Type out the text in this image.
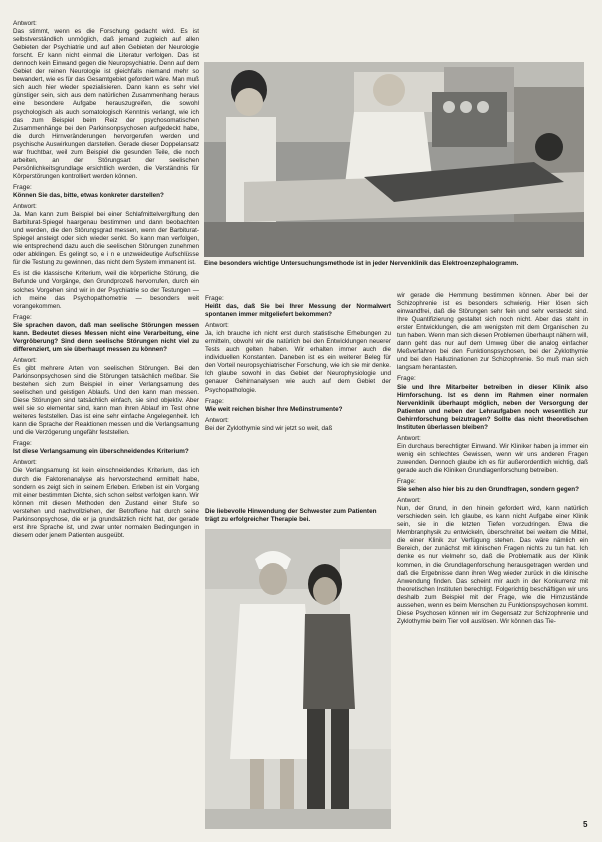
Antwort:

Das stimmt, wenn es die Forschung gedacht wird. Es ist selbstverständlich unmöglich, daß jemand zugleich auf allen Gebieten der Psychiatrie und auf allen Gebieten der Neurologie forscht. Er kann nicht einmal die Literatur verfolgen. Das ist dennoch kein Einwand gegen die Neuropsychiatrie. Denn auf dem Gebiet der reinen Neurologie ist gleichfalls niemand mehr so bewandert, wie es für das Gesamtgebiet gefordert wäre. Man muß sich auch hier wieder spezialisieren. Dann kann es sehr viel günstiger sein, sich aus dem natürlichen Zusammenhang heraus eine besondere Aufgabe herauszugreifen, die sowohl psychologisch als auch somatologisch Kenntnis verlangt, wie ich das zum Beispiel beim Reiz der psychosomatischen Zusammenhänge bei den Parkinsonpsychosen aufgedeckt habe, die durch Hirnveränderungen hervorgerufen werden und psychische Auswirkungen darstellen. Gerade dieser Doppelansatz war fruchtbar, weil zum Beispiel die gesunden Teile, die noch arbeiten, an der Störungsart der seelischen Persönlichkeitsgrundlage ersichtlich werden, die Verständnis für Körperstörungen kontrolliert werden können.

Frage:

Können Sie das, bitte, etwas konkreter darstellen?

Antwort:

Ja. Man kann zum Beispiel bei einer Schlafmittelvergiftung den Barbiturat-Spiegel haargenau bestimmen und dann beobachten und werden, die den Störungsgrad messen, wenn der Barbiturat-Spiegel ansteigt oder sich wieder senkt. So kann man verfolgen, wie entsprechend dazu auch die seelischen Störungen zunehmen oder abklingen. Es gelingt so, e i n e unzweideutige Aufschlüsse für die Testung zu gewinnen, das nicht dem System immanent ist.

Es ist die klassische Kriterium, weil die körperliche Störung, die Befunde und Vorgänge, den Grundprozeß hervorrufen, durch ein solches Vorgehen sind wir in der Psychiatrie so der Testungen — ich meine das Psychopathometrie — besonders weit vorangekommen.

Frage:

Sie sprachen davon, daß man seelische Störungen messen kann. Bedeutet dieses Messen nicht eine Verarbeitung, eine Vergröberung? Sind denn seelische Störungen nicht viel zu differenziert, um sie überhaupt messen zu können?

Antwort:

Es gibt mehrere Arten von seelischen Störungen. Bei den Parkinsonpsychosen sind die Störungen tatsächlich meßbar. Sie bestehen sich zum Beispiel in einer Verlangsamung des seelischen und geistigen Ablaufs. Und den kann man messen. Diese Störungen sind tatsächlich einfach, sie sind objektiv. Aber weil sie so elementar sind, kann man ihren Ablauf im Test ohne weiteres feststellen. Das ist eine sehr einfache Angelegenheit. Ich kann die Sprache der Reaktionen messen und die Verlangsamung und die Verzögerung ungefähr feststellen.

Frage:

Ist diese Verlangsamung ein überschneidendes Kriterium?

Antwort:

Die Verlangsamung ist kein einschneidendes Kriterium, das ich durch die Faktorenanalyse als hervorstechend ermittelt habe, sondern es zeigt sich in seinem Erleben. Erleben ist ein Vorgang mit einer bestimmten Dichte, sich schon selbst verfolgen kann. Wir können mit diesen Methoden den Zustand einer Stufe so verstehen und nachvollziehen, der Betroffene hat durch seine Parkinsonpsychose, die er ja grundsätzlich nicht hat, der gerade erst ihre Sprache ist, und zwar unter normalen Bedingungen in diesem oder jenem Patienten ausgeübt.

Eine besonders wichtige Untersuchungsmethode ist in jeder Nervenklinik das Elektroenzephalogramm.

Frage:

Heißt das, daß Sie bei Ihrer Messung der Normalwert spontanen immer mitgeliefert bekommen?

Antwort:

Ja, ich brauche ich nicht erst durch statistische Erhebungen zu ermitteln, obwohl wir die natürlich bei den Entwicklungen neuerer Tests auch gelten haben. Wir erhalten immer auch die individuellen Konstanten. Daneben ist es ein weiterer Beleg für den Vorteil neuropsychiatrischer Forschung, wie ich sie mir denke. Ich glaube sowohl in das Gebiet der Neurophysiologie und genauer Gehirnanalysen wie auch auf dem Gebiet der Psychopathologie.

Frage:

Wie weit reichen bisher Ihre Meßinstrumente?

Antwort:

Bei der Zyklothymie sind wir jetzt so weit, daß

Die liebevolle Hinwendung der Schwester zum Patienten trägt zu erfolgreicher Therapie bei.

wir gerade die Hemmung bestimmen können. Aber bei der Schizophrenie ist es besonders schwierig. Hier lösen sich einwandfrei, daß die Störungen sehr fein und sehr versteckt sind. Ihre Quantifizierung gestaltet sich noch nicht. Aber das steht in erster Entwicklungen, die am wenigsten mit dem Organischen zu tun haben. Wenn man sich diesen Problemen überhaupt nähern will, dann geht das nur auf dem Umweg über die analog einfacher Meßverfahren bei den Funktionspsychosen, bei der Zyklothymie und bei den Halluzinationen zur Schizophrenie. So muß man sich langsam herantasten.

Frage:

Sie und Ihre Mitarbeiter betreiben in dieser Klinik also Hirnforschung. Ist es denn im Rahmen einer normalen Nervenklinik überhaupt möglich, neben der Versorgung der Patienten und neben der Lehraufgaben noch wesentlich zur Gehirnforschung beizutragen? Sollte das nicht theoretischen Instituten überlassen bleiben?

Antwort:

Ein durchaus berechtigter Einwand. Wir Kliniker haben ja immer ein wenig ein schlechtes Gewissen, wenn wir uns anderen Fragen zuwenden. Dennoch glaube ich es für außerordentlich wichtig, daß gerade auch die Kliniken Grundlagenforschung betreiben.

Frage:

Sie sehen also hier bis zu den Grundfragen, sondern gegen?

Antwort:

Nun, der Grund, in den hinein gefordert wird, kann natürlich verschieden sein. Ich glaube, es kann nicht Aufgabe einer Klinik sein, sie in die letzten Tiefen vorzudringen. Etwa die Membranphysik zu entwickeln, überschreitet bei weitem die Mittel, die einer Klinik zur Verfügung stehen. Das wäre nämlich ein Bereich, der zunächst mit klinischen Fragen nichts zu tun hat. Ich denke es nur vielmehr so, daß die Problematik aus der Klinik kommen, in die Grundlagenforschung herausgetragen werden und daß die Ergebnisse dann ihren Weg wieder zurück in die klinische Anwendung finden. Das scheint mir auch in der Konkurrenz mit theoretischen Instituten berechtigt. Folgerichtig beschäftigen wir uns deshalb zum Beispiel mit der Frage, wie die Hirnzustände aussehen, wenn es beim Menschen zu Funktionspsychosen kommt. Diese Psychosen können wir im Gegensatz zur Schizophrenie und Zyklothymie beim Tier voll auslösen. Wir können das Tie-

5
